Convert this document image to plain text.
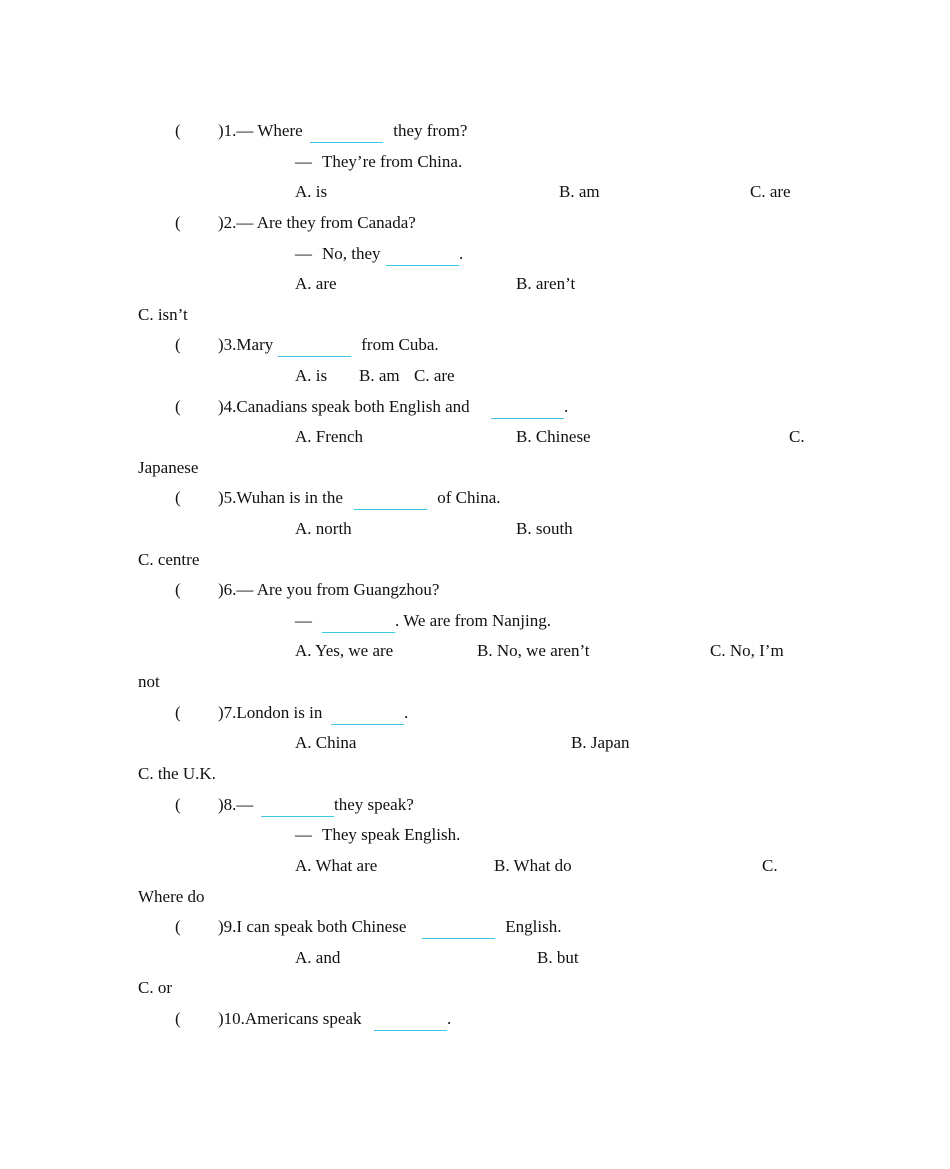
( )1.— Where	they from?
— They’re from China.
A. is	B. am	C. are
( )2.— Are they from Canada?
— No, they	.
A. are	B. aren’t
C. isn’t
( )3.Mary	from Cuba.
A. is B. am C. are
( )4.Canadians speak both English and	.
A. French	B. Chinese	C.
Japanese
( )5.Wuhan is in the	of China.
A. north	B. south
C. centre
( )6.— Are you from Guangzhou?
—	. We are from Nanjing.
A. Yes, we are	B. No, we aren’t	C. No, I’m
not
( )7.London is in	.
A. China	B. Japan
C. the U.K.
( )8.—	they speak?
— They speak English.
A. What are	B. What do	C.
Where do
( )9.I can speak both Chinese	English.
A. and	B. but
C. or
( )10.Americans speak	.
